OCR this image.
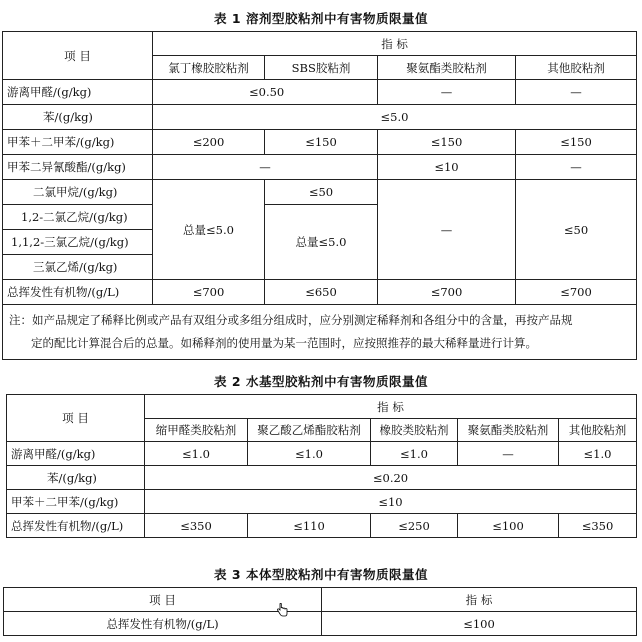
表 1 溶剂型胶粘剂中有害物质限量值
项 目	指 标			
	氯丁橡胶胶粘剂	SBS胶粘剂	聚氨酯类胶粘剂	其他胶粘剂
游离甲醛/(g/kg)	≤0.50		—	—
苯/(g/kg)	≤5.0			
甲苯＋二甲苯/(g/kg)	≤200	≤150	≤150	≤150
甲苯二异氰酸酯/(g/kg)	—		≤10	—
二氯甲烷/(g/kg)	总量≤5.0	≤50	—	≤50
1,2-二氯乙烷/(g/kg)		总量≤5.0		
1,1,2-三氯乙烷/(g/kg)				
三氯乙烯/(g/kg)				
总挥发性有机物/(g/L)	≤700	≤650	≤700	≤700
注：如产品规定了稀释比例或产品有双组分或多组分组成时，应分别测定稀释剂和各组分中的含量，再按产品规
定的配比计算混合后的总量。如稀释剂的使用量为某一范围时，应按照推荐的最大稀释量进行计算。				
表 2 水基型胶粘剂中有害物质限量值
项 目	指 标				
	缩甲醛类胶粘剂	聚乙酸乙烯酯胶粘剂	橡胶类胶粘剂	聚氨酯类胶粘剂	其他胶粘剂
游离甲醛/(g/kg)	≤1.0	≤1.0	≤1.0	—	≤1.0
苯/(g/kg)	≤0.20				
甲苯＋二甲苯/(g/kg)	≤10				
总挥发性有机物/(g/L)	≤350	≤110	≤250	≤100	≤350
表 3 本体型胶粘剂中有害物质限量值
项 目	指 标
总挥发性有机物/(g/L)	≤100
